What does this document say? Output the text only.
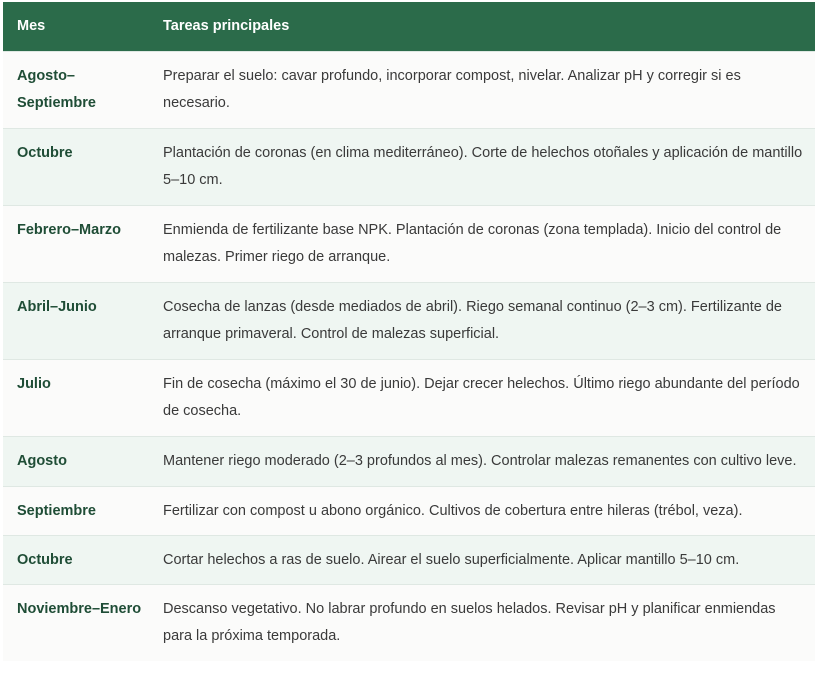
Mes	Tareas principales
Agosto–Septiembre	Preparar el suelo: cavar profundo, incorporar compost, nivelar. Analizar pH y corregir si es necesario.
Octubre	Plantación de coronas (en clima mediterráneo). Corte de helechos otoñales y aplicación de mantillo 5–10 cm.
Febrero–Marzo	Enmienda de fertilizante base NPK. Plantación de coronas (zona templada). Inicio del control de malezas. Primer riego de arranque.
Abril–Junio	Cosecha de lanzas (desde mediados de abril). Riego semanal continuo (2–3 cm). Fertilizante de arranque primaveral. Control de malezas superficial.
Julio	Fin de cosecha (máximo el 30 de junio). Dejar crecer helechos. Último riego abundante del período de cosecha.
Agosto	Mantener riego moderado (2–3 profundos al mes). Controlar malezas remanentes con cultivo leve.
Septiembre	Fertilizar con compost u abono orgánico. Cultivos de cobertura entre hileras (trébol, veza).
Octubre	Cortar helechos a ras de suelo. Airear el suelo superficialmente. Aplicar mantillo 5–10 cm.
Noviembre–Enero	Descanso vegetativo. No labrar profundo en suelos helados. Revisar pH y planificar enmiendas para la próxima temporada.
